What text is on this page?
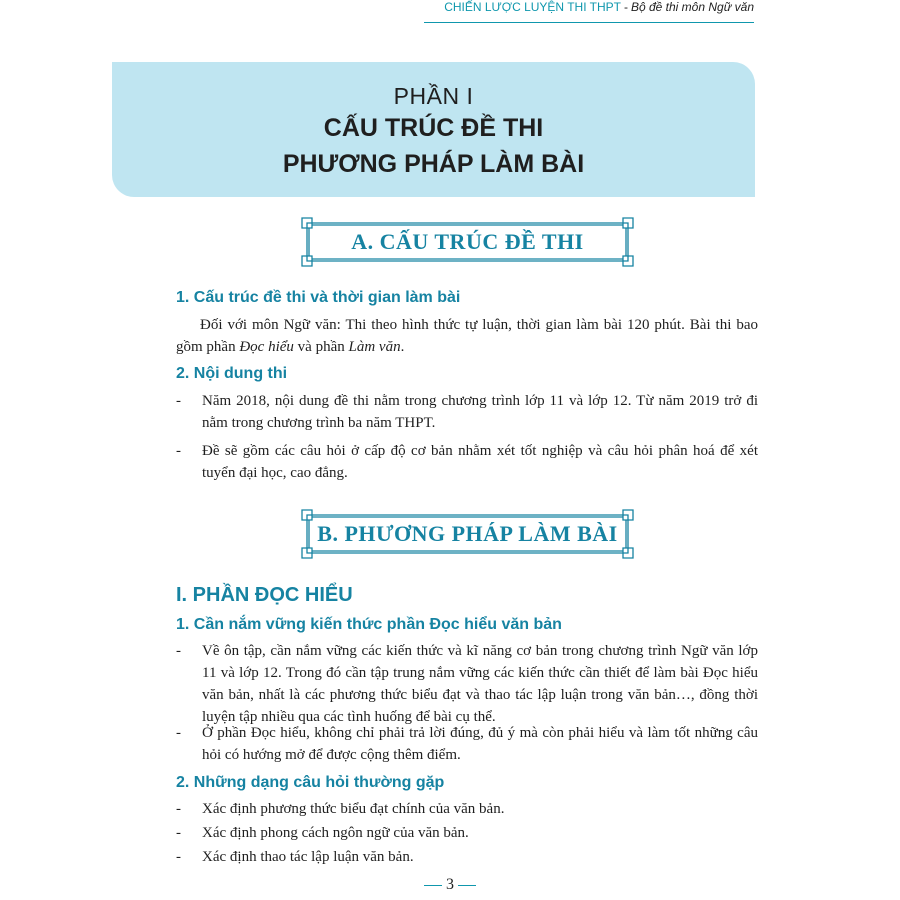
CHIẾN LƯỢC LUYỆN THI THPT - Bộ đề thi môn Ngữ văn
PHẦN I
CẤU TRÚC ĐỀ THI
PHƯƠNG PHÁP LÀM BÀI
A. CẤU TRÚC ĐỀ THI
1. Cấu trúc đề thi và thời gian làm bài
Đối với môn Ngữ văn: Thi theo hình thức tự luận, thời gian làm bài 120 phút. Bài thi bao gồm phần Đọc hiểu và phần Làm văn.
2. Nội dung thi
- Năm 2018, nội dung đề thi nằm trong chương trình lớp 11 và lớp 12. Từ năm 2019 trở đi nằm trong chương trình ba năm THPT.
- Đề sẽ gồm các câu hỏi ở cấp độ cơ bản nhằm xét tốt nghiệp và câu hỏi phân hoá để xét tuyển đại học, cao đẳng.
B. PHƯƠNG PHÁP LÀM BÀI
I. PHẦN ĐỌC HIỂU
1. Cần nắm vững kiến thức phần Đọc hiểu văn bản
- Về ôn tập, cần nắm vững các kiến thức và kĩ năng cơ bản trong chương trình Ngữ văn lớp 11 và lớp 12. Trong đó cần tập trung nắm vững các kiến thức cần thiết để làm bài Đọc hiểu văn bản, nhất là các phương thức biểu đạt và thao tác lập luận trong văn bản…, đồng thời luyện tập nhiều qua các tình huống để bài cụ thể.
- Ở phần Đọc hiểu, không chỉ phải trả lời đúng, đủ ý mà còn phải hiểu và làm tốt những câu hỏi có hướng mở để được cộng thêm điểm.
2. Những dạng câu hỏi thường gặp
- Xác định phương thức biểu đạt chính của văn bản.
- Xác định phong cách ngôn ngữ của văn bản.
- Xác định thao tác lập luận văn bản.
3
